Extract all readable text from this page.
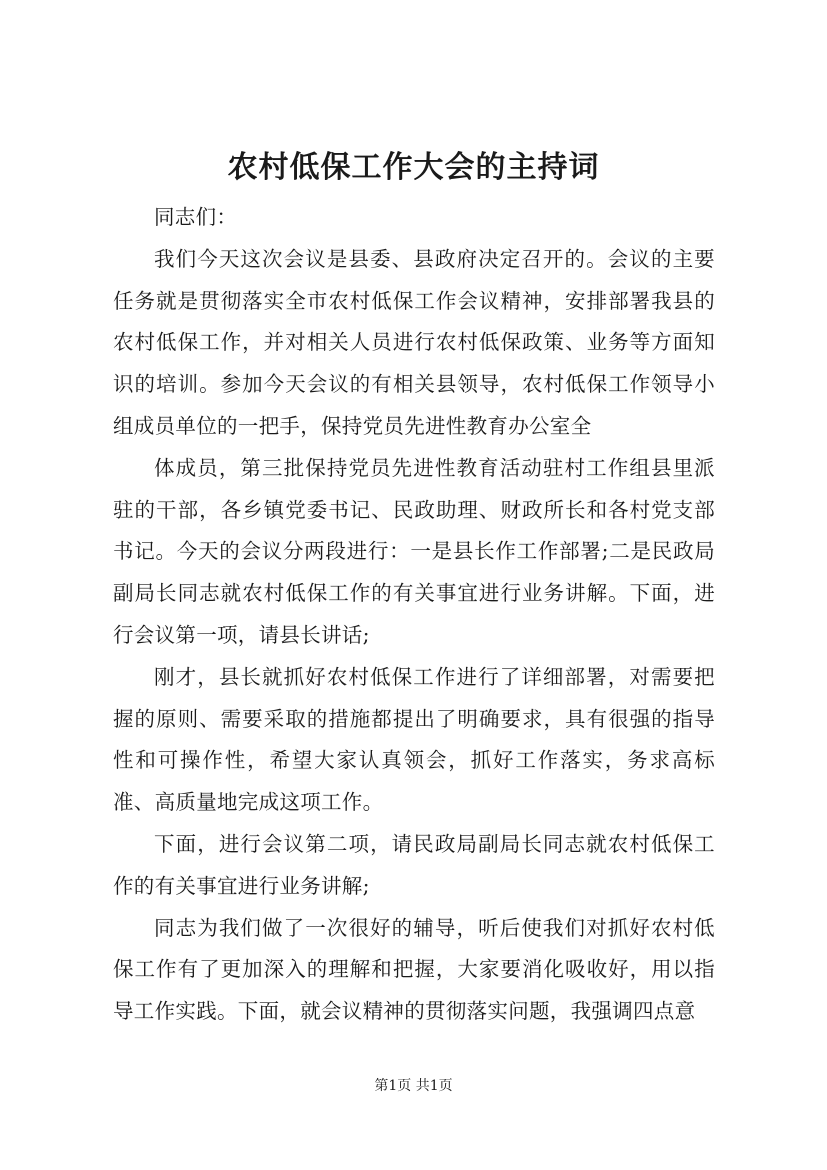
农村低保工作大会的主持词

同志们：

我们今天这次会议是县委、县政府决定召开的。会议的主要任务就是贯彻落实全市农村低保工作会议精神，安排部署我县的农村低保工作，并对相关人员进行农村低保政策、业务等方面知识的培训。参加今天会议的有相关县领导，农村低保工作领导小组成员单位的一把手，保持党员先进性教育办公室全

体成员，第三批保持党员先进性教育活动驻村工作组县里派驻的干部，各乡镇党委书记、民政助理、财政所长和各村党支部书记。今天的会议分两段进行：一是县长作工作部署;二是民政局副局长同志就农村低保工作的有关事宜进行业务讲解。下面，进行会议第一项，请县长讲话;

刚才，县长就抓好农村低保工作进行了详细部署，对需要把握的原则、需要采取的措施都提出了明确要求，具有很强的指导性和可操作性，希望大家认真领会，抓好工作落实，务求高标准、高质量地完成这项工作。

下面，进行会议第二项，请民政局副局长同志就农村低保工作的有关事宜进行业务讲解;

同志为我们做了一次很好的辅导，听后使我们对抓好农村低保工作有了更加深入的理解和把握，大家要消化吸收好，用以指导工作实践。下面，就会议精神的贯彻落实问题，我强调四点意

第1页 共1页
